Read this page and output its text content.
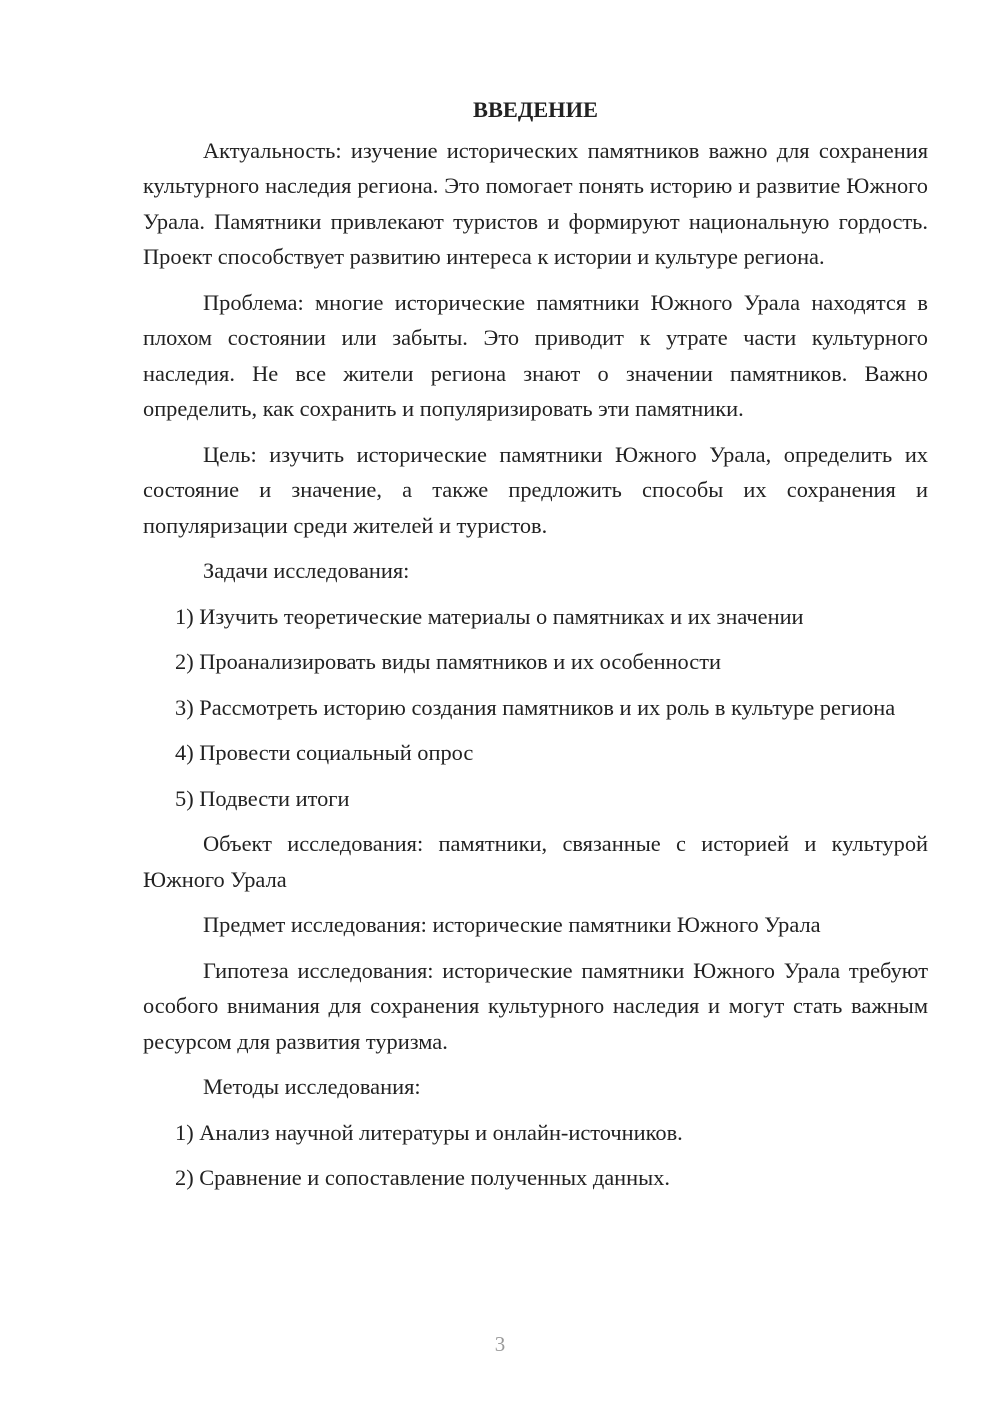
ВВЕДЕНИЕ
Актуальность: изучение исторических памятников важно для сохранения культурного наследия региона. Это помогает понять историю и развитие Южного Урала. Памятники привлекают туристов и формируют национальную гордость. Проект способствует развитию интереса к истории и культуре региона.
Проблема: многие исторические памятники Южного Урала находятся в плохом состоянии или забыты. Это приводит к утрате части культурного наследия. Не все жители региона знают о значении памятников. Важно определить, как сохранить и популяризировать эти памятники.
Цель: изучить исторические памятники Южного Урала, определить их состояние и значение, а также предложить способы их сохранения и популяризации среди жителей и туристов.
Задачи исследования:
1) Изучить теоретические материалы о памятниках и их значении
2) Проанализировать виды памятников и их особенности
3) Рассмотреть историю создания памятников и их роль в культуре региона
4) Провести социальный опрос
5) Подвести итоги
Объект исследования: памятники, связанные с историей и культурой Южного Урала
Предмет исследования: исторические памятники Южного Урала
Гипотеза исследования: исторические памятники Южного Урала требуют особого внимания для сохранения культурного наследия и могут стать важным ресурсом для развития туризма.
Методы исследования:
1) Анализ научной литературы и онлайн-источников.
2) Сравнение и сопоставление полученных данных.
3
